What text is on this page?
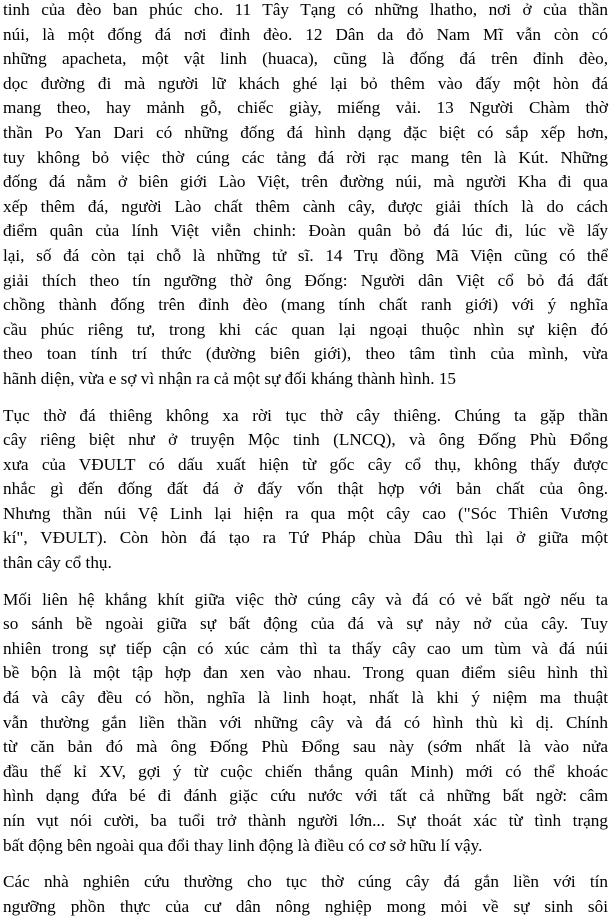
tinh của đèo ban phúc cho. 11 Tây Tạng có những lhatho, nơi ở của thần
núi, là một đống đá nơi đỉnh đèo. 12 Dân da đỏ Nam Mĩ vẫn còn có
những apacheta, một vật linh (huaca), cũng là đống đá trên đỉnh đèo,
dọc đường đi mà người lữ khách ghé lại bỏ thêm vào đấy một hòn đá
mang theo, hay mảnh gỗ, chiếc giày, miếng vải. 13 Người Chàm thờ
thần Po Yan Dari có những đống đá hình dạng đặc biệt có sắp xếp hơn,
tuy không bỏ việc thờ cúng các tảng đá rời rạc mang tên là Kút. Những
đống đá nằm ở biên giới Lào Việt, trên đường núi, mà người Kha đi qua
xếp thêm đá, người Lào chất thêm cành cây, được giải thích là do cách
điểm quân của lính Việt viễn chinh: Đoàn quân bỏ đá lúc đi, lúc về lấy
lại, số đá còn tại chỗ là những tử sĩ. 14 Trụ đồng Mã Viện cũng có thể
giải thích theo tín ngưỡng thờ ông Đống: Người dân Việt cổ bỏ đá đất
chồng thành đống trên đỉnh đèo (mang tính chất ranh giới) với ý nghĩa
cầu phúc riêng tư, trong khi các quan lại ngoại thuộc nhìn sự kiện đó
theo toan tính trí thức (đường biên giới), theo tâm tình của mình, vừa
hãnh diện, vừa e sợ vì nhận ra cả một sự đối kháng thành hình. 15
Tục thờ đá thiêng không xa rời tục thờ cây thiêng. Chúng ta gặp thần
cây riêng biệt như ở truyện Mộc tinh (LNCQ), và ông Đống Phù Đổng
xưa của VĐULT có dấu xuất hiện từ gốc cây cổ thụ, không thấy được
nhắc gì đến đống đất đá ở đấy vốn thật hợp với bản chất của ông.
Nhưng thần núi Vệ Linh lại hiện ra qua một cây cao ("Sóc Thiên Vương
kí", VĐULT). Còn hòn đá tạo ra Tứ Pháp chùa Dâu thì lại ở giữa một
thân cây cổ thụ.
Mối liên hệ khắng khít giữa việc thờ cúng cây và đá có vẻ bất ngờ nếu ta
so sánh bề ngoài giữa sự bất động của đá và sự nảy nở của cây. Tuy
nhiên trong sự tiếp cận có xúc cảm thì ta thấy cây cao um tùm và đá núi
bề bộn là một tập hợp đan xen vào nhau. Trong quan điểm siêu hình thì
đá và cây đều có hồn, nghĩa là linh hoạt, nhất là khi ý niệm ma thuật
vẫn thường gắn liền thần với những cây và đá có hình thù kì dị. Chính
từ căn bản đó mà ông Đống Phù Đổng sau này (sớm nhất là vào nửa
đầu thế kỉ XV, gợi ý từ cuộc chiến thắng quân Minh) mới có thể khoác
hình dạng đứa bé đi đánh giặc cứu nước với tất cả những bất ngờ: câm
nín vụt nói cười, ba tuổi trở thành người lớn... Sự thoát xác từ tình trạng
bất động bên ngoài qua đổi thay linh động là điều có cơ sở hữu lí vậy.
Các nhà nghiên cứu thường cho tục thờ cúng cây đá gắn liền với tín
ngưỡng phồn thực của cư dân nông nghiệp mong mỏi về sự sinh sôi
